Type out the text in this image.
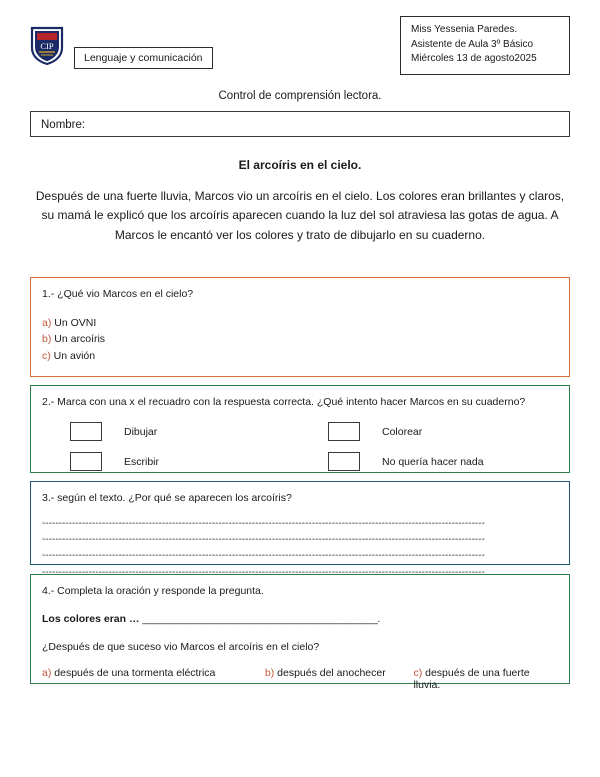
CIP
Lenguaje y comunicación
Miss Yessenia Paredes.
Asistente de Aula 3º Básico
Miércoles 13 de agosto2025
Control de comprensión lectora.
Nombre:
El arcoíris en el cielo.
Después de una fuerte lluvia, Marcos vio un arcoíris en el cielo. Los colores eran brillantes y claros, su mamá le explicó que los arcoíris aparecen cuando la luz del sol atraviesa las gotas de agua. A Marcos le encantó ver los colores y trato de dibujarlo en su cuaderno.
1.- ¿Qué vio Marcos en el cielo?
a) Un OVNI
b) Un arcoíris
c) Un avión
2.- Marca con una x el recuadro con la respuesta correcta. ¿Qué intento hacer Marcos en su cuaderno?
Dibujar	Colorear
Escribir	No quería hacer nada
3.- según el texto. ¿Por qué se aparecen los arcoíris?
-------------------------------------------------------------------------------------------------------------------------------------
-------------------------------------------------------------------------------------------------------------------------------------
-------------------------------------------------------------------------------------------------------------------------------------
-------------------------------------------------------------------------------------------------------------------------------------
4.- Completa la oración y responde la pregunta.
Los colores eran … ____________________________________________.
¿Después de que suceso vio Marcos el arcoíris en el cielo?
a) después de una tormenta eléctrica	b) después del anochecer	c) después de una fuerte lluvia.
